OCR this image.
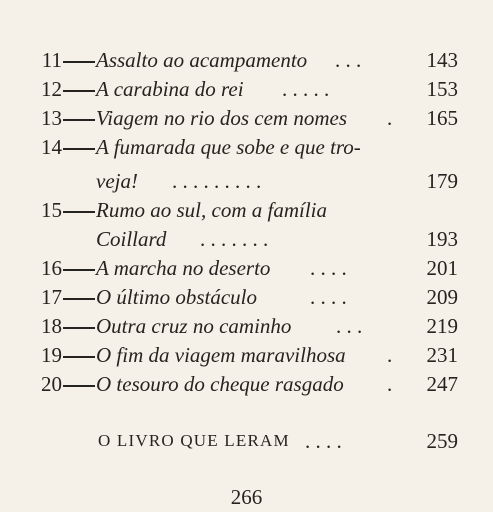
11 Assalto ao acampamento . . .	143
12 A carabina do rei . . . . .	153
13 Viagem no rio dos cem nomes .	165
14 A fumarada que sobe e que tro-
veja! . . . . . . . . .	179
15 Rumo ao sul, com a família
Coillard . . . . . . .	193
16 A marcha no deserto . . . .	201
17 O último obstáculo	. . . .	209
18 Outra cruz no caminho . . .	219
19 O fim da viagem maravilhosa .	231
20 O tesouro do cheque rasgado .	247
O LIVRO QUE LERAM . . . .	259
266
